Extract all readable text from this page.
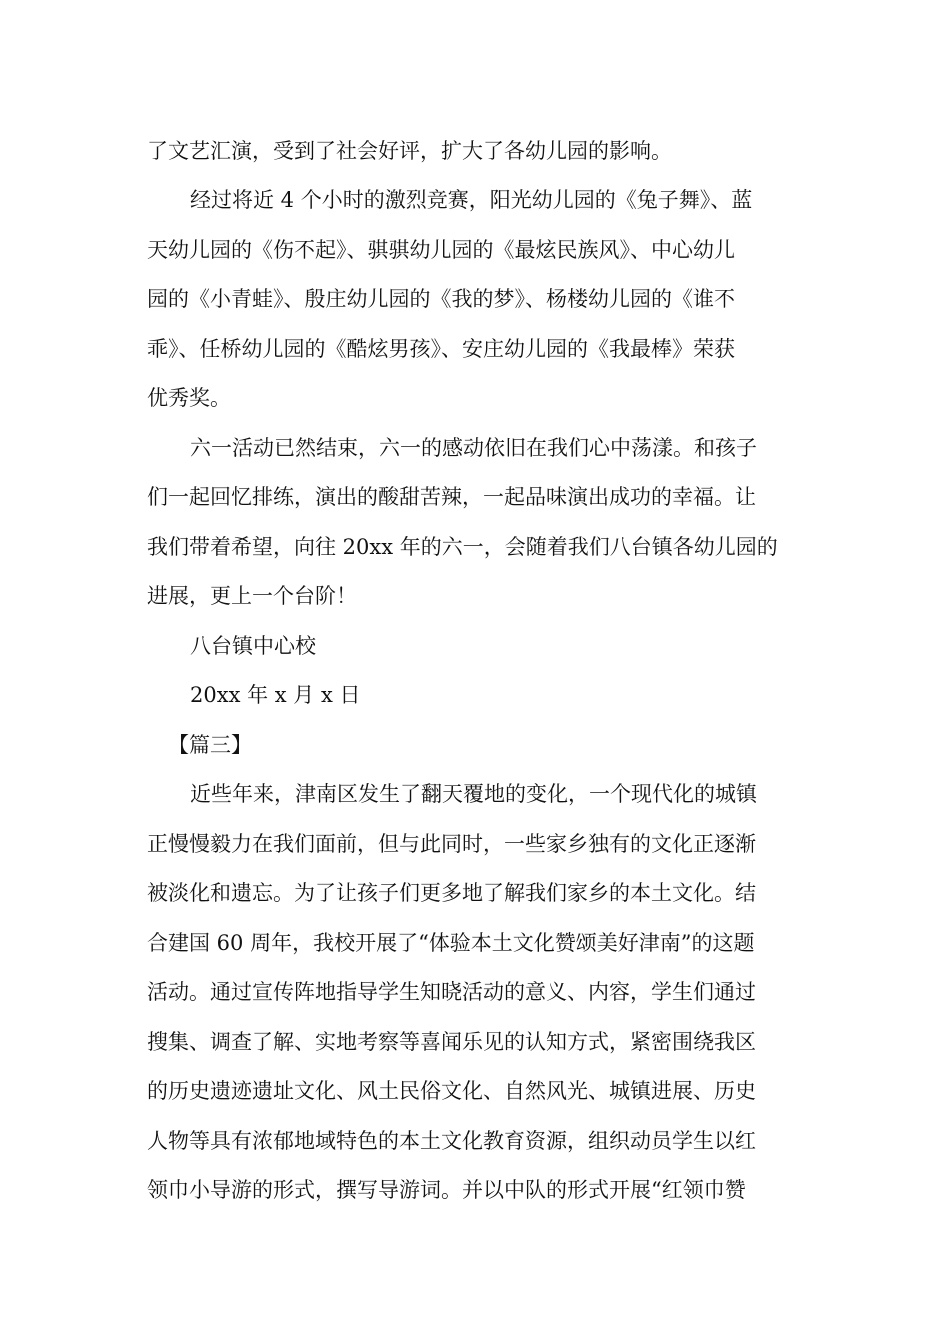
了文艺汇演，受到了社会好评，扩大了各幼儿园的影响。
经过将近 4 个小时的激烈竞赛，阳光幼儿园的《兔子舞》、蓝
天幼儿园的《伤不起》、骐骐幼儿园的《最炫民族风》、中心幼儿
园的《小青蛙》、殷庄幼儿园的《我的梦》、杨楼幼儿园的《谁不
乖》、任桥幼儿园的《酷炫男孩》、安庄幼儿园的《我最棒》荣获
优秀奖。
六一活动已然结束，六一的感动依旧在我们心中荡漾。和孩子
们一起回忆排练，演出的酸甜苦辣，一起品味演出成功的幸福。让
我们带着希望，向往 20xx 年的六一，会随着我们八台镇各幼儿园的
进展，更上一个台阶！
八台镇中心校
20xx 年 x 月 x 日
【篇三】
近些年来，津南区发生了翻天覆地的变化，一个现代化的城镇
正慢慢毅力在我们面前，但与此同时，一些家乡独有的文化正逐渐
被淡化和遗忘。为了让孩子们更多地了解我们家乡的本土文化。结
合建国 60 周年，我校开展了“体验本土文化赞颂美好津南”的这题
活动。通过宣传阵地指导学生知晓活动的意义、内容，学生们通过
搜集、调查了解、实地考察等喜闻乐见的认知方式，紧密围绕我区
的历史遗迹遗址文化、风土民俗文化、自然风光、城镇进展、历史
人物等具有浓郁地域特色的本土文化教育资源，组织动员学生以红
领巾小导游的形式，撰写导游词。并以中队的形式开展“红领巾赞
